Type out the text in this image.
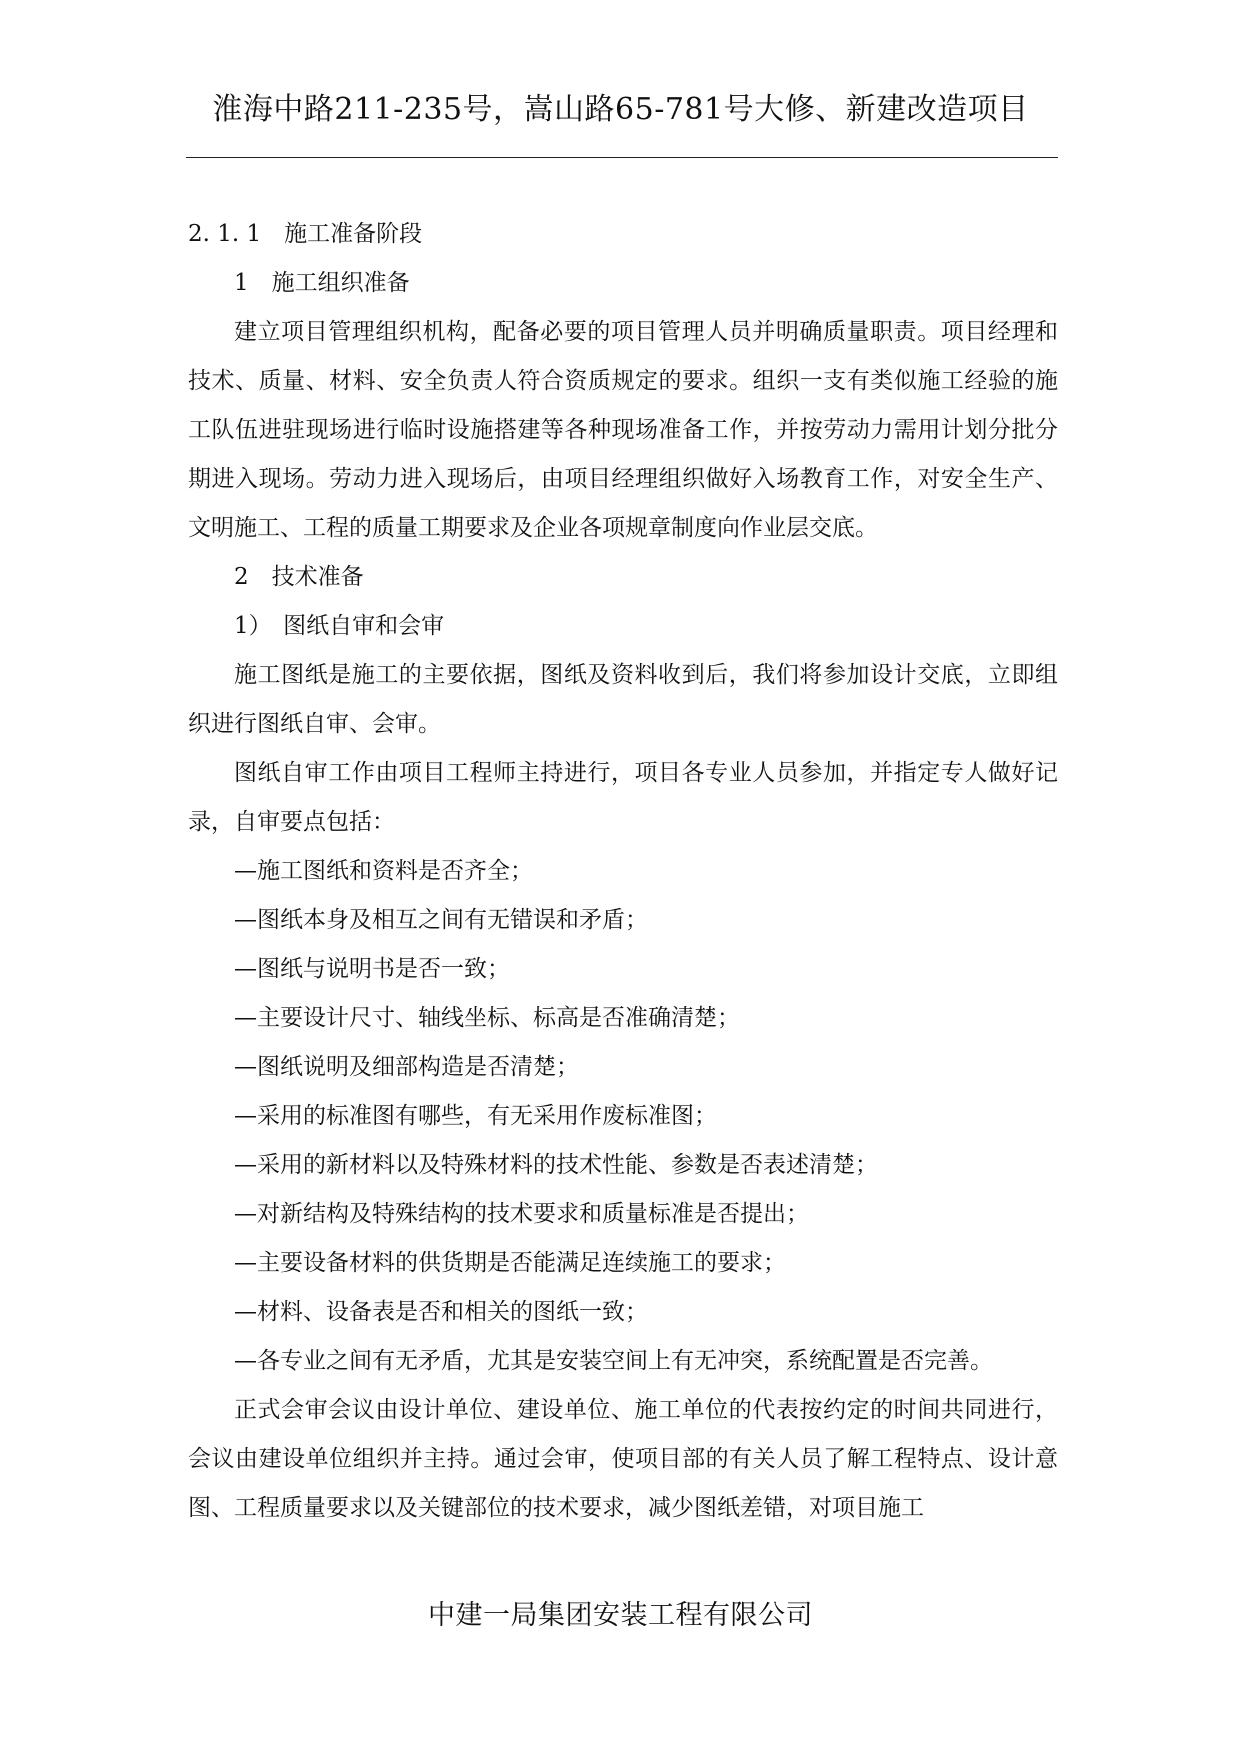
淮海中路211-235号，嵩山路65-781号大修、新建改造项目

2. 1. 1　施工准备阶段

1　施工组织准备

建立项目管理组织机构，配备必要的项目管理人员并明确质量职责。项目经理和技术、质量、材料、安全负责人符合资质规定的要求。组织一支有类似施工经验的施工队伍进驻现场进行临时设施搭建等各种现场准备工作，并按劳动力需用计划分批分期进入现场。劳动力进入现场后，由项目经理组织做好入场教育工作，对安全生产、文明施工、工程的质量工期要求及企业各项规章制度向作业层交底。

2　技术准备

1）　图纸自审和会审

施工图纸是施工的主要依据，图纸及资料收到后，我们将参加设计交底，立即组织进行图纸自审、会审。

图纸自审工作由项目工程师主持进行，项目各专业人员参加，并指定专人做好记录，自审要点包括：

—施工图纸和资料是否齐全；

—图纸本身及相互之间有无错误和矛盾；

—图纸与说明书是否一致；

—主要设计尺寸、轴线坐标、标高是否准确清楚；

—图纸说明及细部构造是否清楚；

—采用的标准图有哪些，有无采用作废标准图；

—采用的新材料以及特殊材料的技术性能、参数是否表述清楚；

—对新结构及特殊结构的技术要求和质量标准是否提出；

—主要设备材料的供货期是否能满足连续施工的要求；

—材料、设备表是否和相关的图纸一致；

—各专业之间有无矛盾，尤其是安装空间上有无冲突，系统配置是否完善。

正式会审会议由设计单位、建设单位、施工单位的代表按约定的时间共同进行，会议由建设单位组织并主持。通过会审，使项目部的有关人员了解工程特点、设计意图、工程质量要求以及关键部位的技术要求，减少图纸差错，对项目施工

中建一局集团安装工程有限公司
